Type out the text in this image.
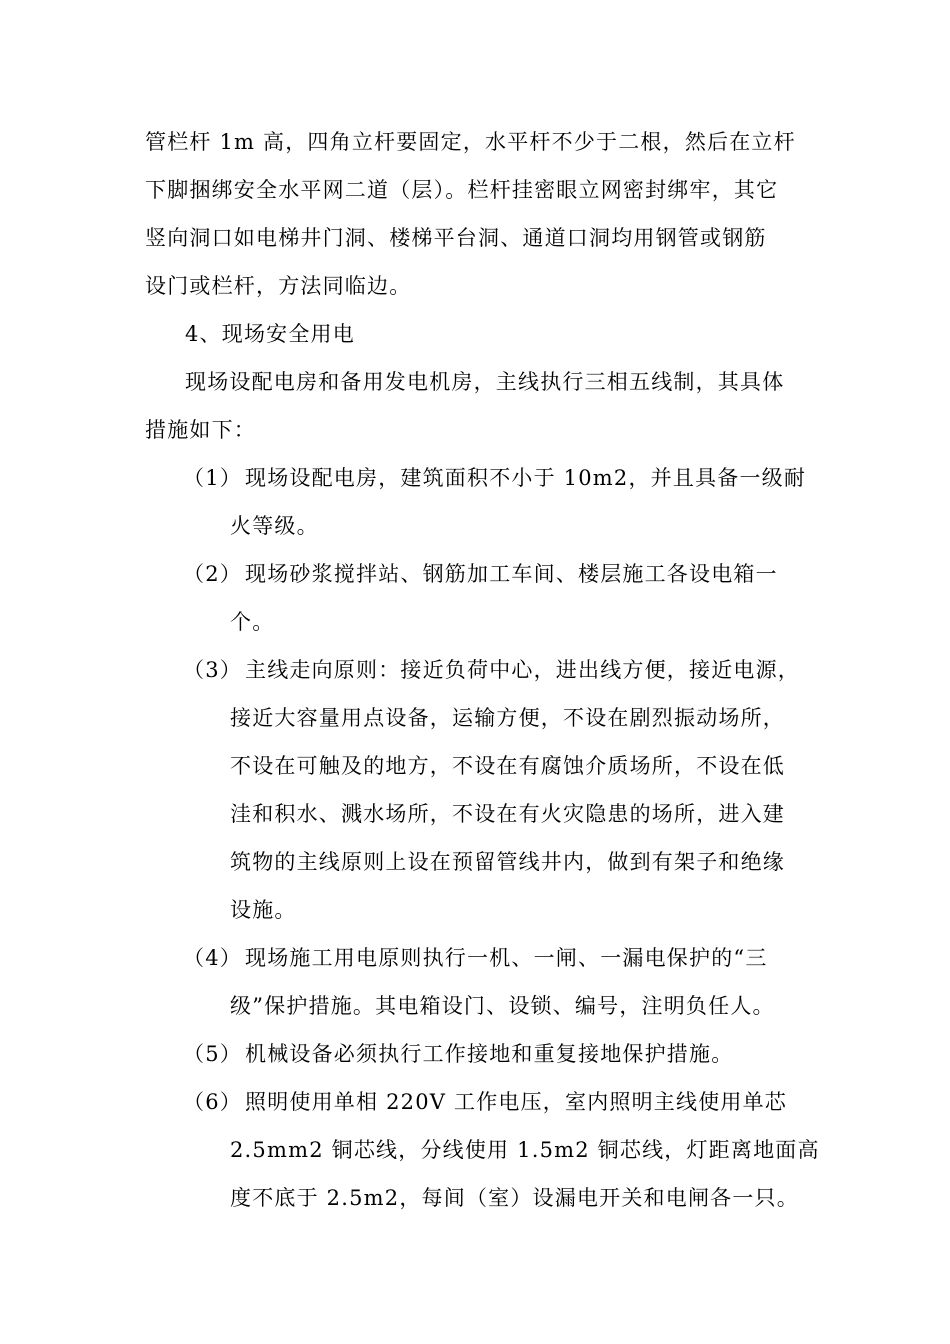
管栏杆 1m 高，四角立杆要固定，水平杆不少于二根，然后在立杆
下脚捆绑安全水平网二道（层）。栏杆挂密眼立网密封绑牢，其它
竖向洞口如电梯井门洞、楼梯平台洞、通道口洞均用钢管或钢筋
设门或栏杆，方法同临边。
4、现场安全用电
现场设配电房和备用发电机房，主线执行三相五线制，其具体
措施如下：
（1） 现场设配电房，建筑面积不小于 10m2，并且具备一级耐
火等级。
（2） 现场砂浆搅拌站、钢筋加工车间、楼层施工各设电箱一
个。
（3） 主线走向原则：接近负荷中心，进出线方便，接近电源，
接近大容量用点设备，运输方便，不设在剧烈振动场所，
不设在可触及的地方，不设在有腐蚀介质场所，不设在低
洼和积水、溅水场所，不设在有火灾隐患的场所，进入建
筑物的主线原则上设在预留管线井内，做到有架子和绝缘
设施。
（4） 现场施工用电原则执行一机、一闸、一漏电保护的“三
级”保护措施。其电箱设门、设锁、编号，注明负任人。
（5） 机械设备必须执行工作接地和重复接地保护措施。
（6） 照明使用单相 220V 工作电压，室内照明主线使用单芯
2.5mm2 铜芯线，分线使用 1.5m2 铜芯线，灯距离地面高
度不底于 2.5m2，每间（室）设漏电开关和电闸各一只。
